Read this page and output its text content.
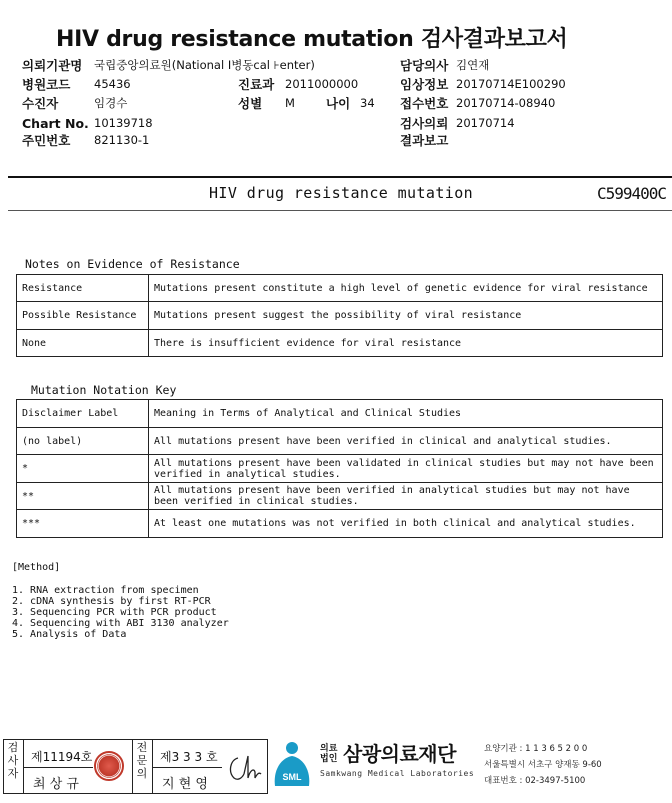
HIV drug resistance mutation 검사결과보고서
의뢰기관명 국립중앙의료원(National Ⅰ병동cal ⊦enter)	담당의사 김연재
병원코드 45436	진료과 2011000000	임상정보 20170714E100290
수진자	임경수	성별 M 나이 34 접수번호 20170714-08940
Chart No. 10139718	검사의뢰 20170714
주민번호 821130-1	결과보고
HIV drug resistance mutation	C599400C
Notes on Evidence of Resistance
Resistance	Mutations present constitute a high level of genetic evidence for viral resistance
Possible Resistance	Mutations present suggest the possibility of viral resistance
None	There is insufficient evidence for viral resistance
Mutation Notation Key
Disclaimer Label	Meaning in Terms of Analytical and Clinical Studies
(no label)	All mutations present have been verified in clinical and analytical studies.
*	All mutations present have been validated in clinical studies but may not have been verified in analytical studies.
**	All mutations present have been verified in analytical studies but may not have been verified in clinical studies.
***	At least one mutations was not verified in both clinical and analytical studies.
[Method]
1. RNA extraction from specimen
2. cDNA synthesis by first RT-PCR
3. Sequencing PCR with PCR product
4. Sequencing with ABI 3130 analyzer
5. Analysis of Data
검사자
제11194호
최 상 규
전문의
제3 3 3 호
지 현 영	SML
의료
법인 삼광의료재단
Samkwang Medical Laboratories
요양기관 : 1 1 3 6 5 2 0 0
서울특별시 서초구 양재동 9-60
대표번호 : 02-3497-5100
